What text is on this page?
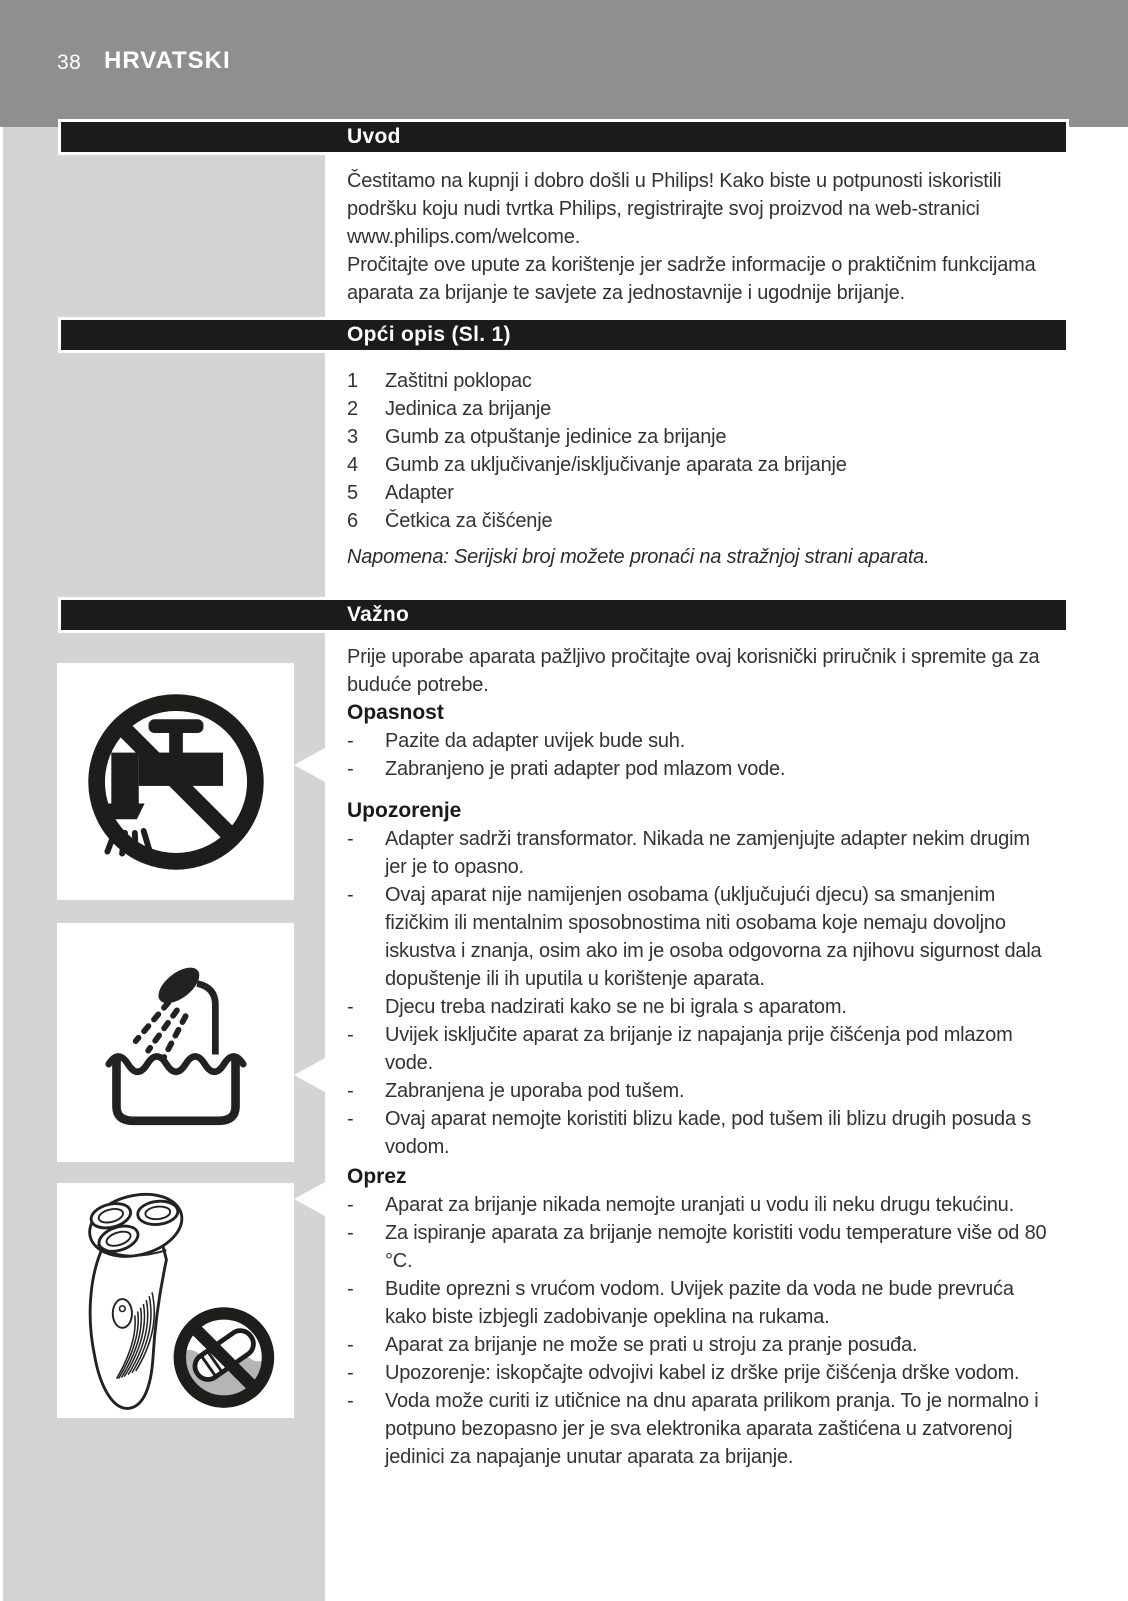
38 HRVATSKI
Uvod
Čestitamo na kupnji i dobro došli u Philips! Kako biste u potpunosti iskoristili podršku koju nudi tvrtka Philips, registrirajte svoj proizvod na web-stranici www.philips.com/welcome.
Pročitajte ove upute za korištenje jer sadrže informacije o praktičnim funkcijama aparata za brijanje te savjete za jednostavnije i ugodnije brijanje.
Opći opis (Sl. 1)
1 Zaštitni poklopac
2 Jedinica za brijanje
3 Gumb za otpuštanje jedinice za brijanje
4 Gumb za uključivanje/isključivanje aparata za brijanje
5 Adapter
6 Četkica za čišćenje
Napomena: Serijski broj možete pronaći na stražnjoj strani aparata.
Važno
Prije uporabe aparata pažljivo pročitajte ovaj korisnički priručnik i spremite ga za buduće potrebe.
Opasnost
- Pazite da adapter uvijek bude suh.
- Zabranjeno je prati adapter pod mlazom vode.
Upozorenje
- Adapter sadrži transformator. Nikada ne zamjenjujte adapter nekim drugim jer je to opasno.
- Ovaj aparat nije namijenjen osobama (uključujući djecu) sa smanjenim fizičkim ili mentalnim sposobnostima niti osobama koje nemaju dovoljno iskustva i znanja, osim ako im je osoba odgovorna za njihovu sigurnost dala dopuštenje ili ih uputila u korištenje aparata.
- Djecu treba nadzirati kako se ne bi igrala s aparatom.
- Uvijek isključite aparat za brijanje iz napajanja prije čišćenja pod mlazom vode.
- Zabranjena je uporaba pod tušem.
- Ovaj aparat nemojte koristiti blizu kade, pod tušem ili blizu drugih posuda s vodom.
Oprez
- Aparat za brijanje nikada nemojte uranjati u vodu ili neku drugu tekućinu.
- Za ispiranje aparata za brijanje nemojte koristiti vodu temperature više od 80 °C.
- Budite oprezni s vrućom vodom. Uvijek pazite da voda ne bude prevruća kako biste izbjegli zadobivanje opeklina na rukama.
- Aparat za brijanje ne može se prati u stroju za pranje posuđa.
- Upozorenje: iskopčajte odvojivi kabel iz drške prije čišćenja drške vodom.
- Voda može curiti iz utičnice na dnu aparata prilikom pranja. To je normalno i potpuno bezopasno jer je sva elektronika aparata zaštićena u zatvorenoj jedinici za napajanje unutar aparata za brijanje.
